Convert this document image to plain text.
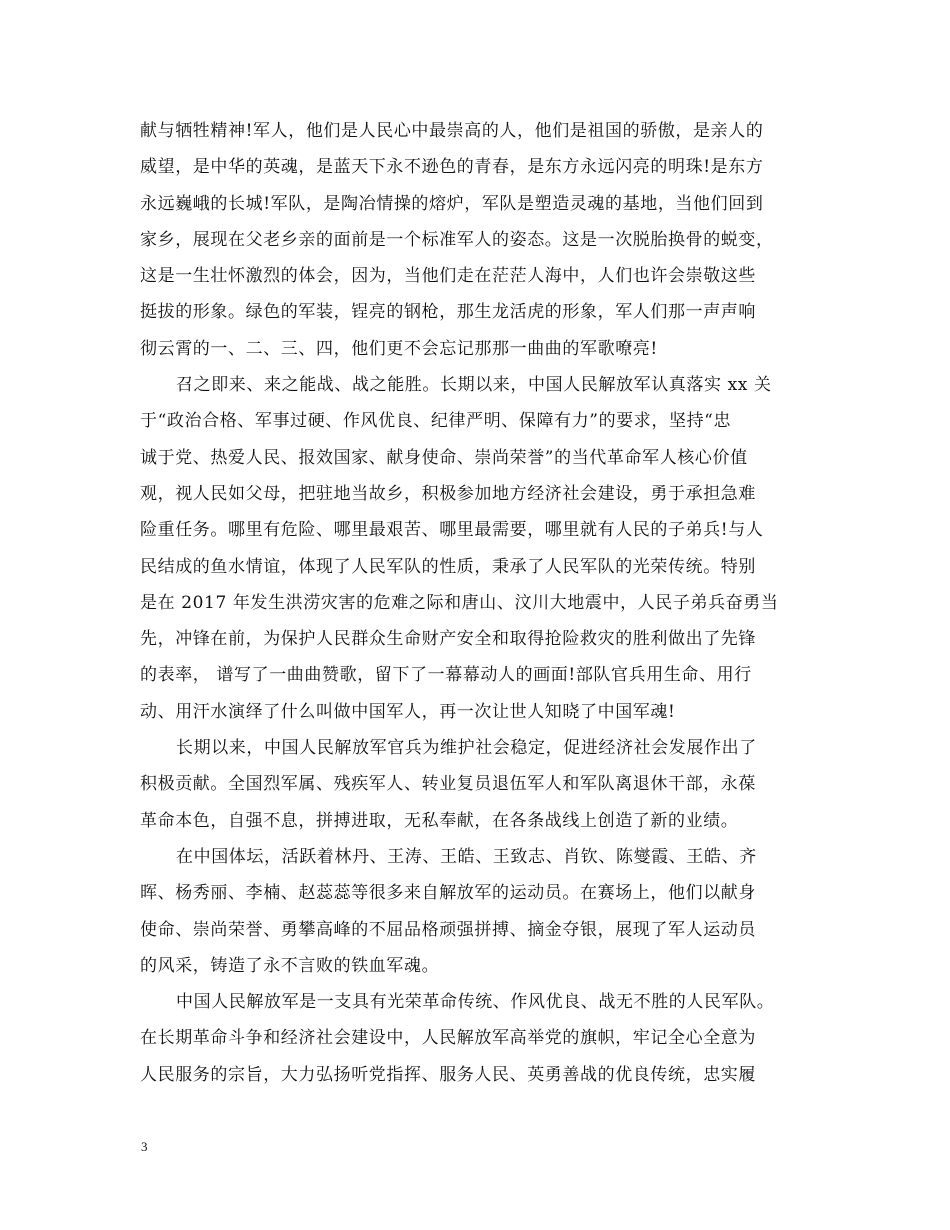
献与牺牲精神!军人，他们是人民心中最崇高的人，他们是祖国的骄傲，是亲人的
威望，是中华的英魂，是蓝天下永不逊色的青春，是东方永远闪亮的明珠!是东方
永远巍峨的长城!军队，是陶冶情操的熔炉，军队是塑造灵魂的基地，当他们回到
家乡，展现在父老乡亲的面前是一个标准军人的姿态。这是一次脱胎换骨的蜕变，
这是一生壮怀激烈的体会，因为，当他们走在茫茫人海中，人们也许会崇敬这些
挺拔的形象。绿色的军装，锃亮的钢枪，那生龙活虎的形象，军人们那一声声响
彻云霄的一、二、三、四，他们更不会忘记那那一曲曲的军歌嘹亮!
召之即来、来之能战、战之能胜。长期以来，中国人民解放军认真落实 xx 关
于“政治合格、军事过硬、作风优良、纪律严明、保障有力”的要求，坚持“忠
诚于党、热爱人民、报效国家、献身使命、崇尚荣誉”的当代革命军人核心价值
观，视人民如父母，把驻地当故乡，积极参加地方经济社会建设，勇于承担急难
险重任务。哪里有危险、哪里最艰苦、哪里最需要，哪里就有人民的子弟兵!与人
民结成的鱼水情谊，体现了人民军队的性质，秉承了人民军队的光荣传统。特别
是在 2017 年发生洪涝灾害的危难之际和唐山、汶川大地震中，人民子弟兵奋勇当
先，冲锋在前，为保护人民群众生命财产安全和取得抢险救灾的胜利做出了先锋
的表率， 谱写了一曲曲赞歌，留下了一幕幕动人的画面!部队官兵用生命、用行
动、用汗水演绎了什么叫做中国军人，再一次让世人知晓了中国军魂!
长期以来，中国人民解放军官兵为维护社会稳定，促进经济社会发展作出了
积极贡献。全国烈军属、残疾军人、转业复员退伍军人和军队离退休干部，永葆
革命本色，自强不息，拼搏进取，无私奉献，在各条战线上创造了新的业绩。
在中国体坛，活跃着林丹、王涛、王皓、王致志、肖钦、陈燮霞、王皓、齐
晖、杨秀丽、李楠、赵蕊蕊等很多来自解放军的运动员。在赛场上，他们以献身
使命、崇尚荣誉、勇攀高峰的不屈品格顽强拼搏、摘金夺银，展现了军人运动员
的风采，铸造了永不言败的铁血军魂。
中国人民解放军是一支具有光荣革命传统、作风优良、战无不胜的人民军队。
在长期革命斗争和经济社会建设中，人民解放军高举党的旗帜，牢记全心全意为
人民服务的宗旨，大力弘扬听党指挥、服务人民、英勇善战的优良传统，忠实履
3
